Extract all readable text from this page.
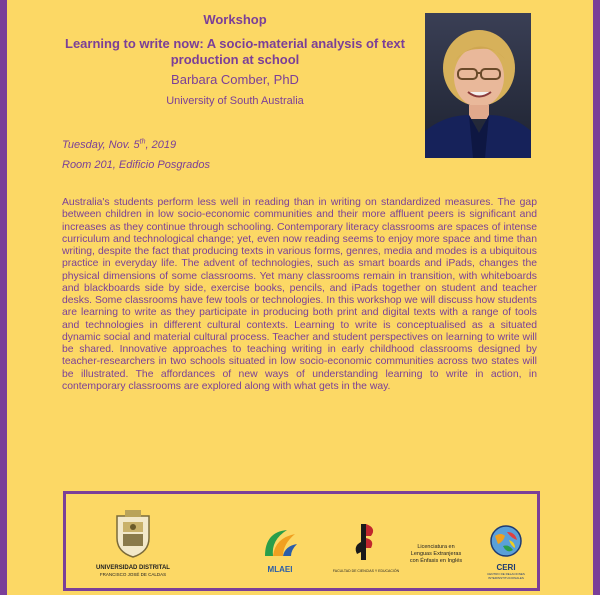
Workshop
Learning to write now: A socio-material analysis of text production at school
Barbara Comber, PhD
University of South Australia
Tuesday, Nov. 5th, 2019
Room 201, Edificio Posgrados

Australia's students perform less well in reading than in writing on standardized measures. The gap between children in low socio-economic communities and their more affluent peers is significant and increases as they continue through schooling. Contemporary literacy classrooms are spaces of intense curriculum and technological change; yet, even now reading seems to enjoy more space and time than writing, despite the fact that producing texts in various forms, genres, media and modes is a ubiquitous practice in everyday life. The advent of technologies, such as smart boards and iPads, changes the physical dimensions of some classrooms. Yet many classrooms remain in transition, with whiteboards and blackboards side by side, exercise books, pencils, and iPads together on student and teacher desks. Some classrooms have few tools or technologies. In this workshop we will discuss how students are learning to write as they participate in producing both print and digital texts with a range of tools and technologies in different cultural contexts. Learning to write is conceptualised as a situated dynamic social and material cultural process. Teacher and student perspectives on learning to write will be shared. Innovative approaches to teaching writing in early childhood classrooms designed by teacher-researchers in two schools situated in low socio-economic communities across two states will be illustrated. The affordances of new ways of understanding learning to write in action, in contemporary classrooms are explored along with what gets in the way.

UNIVERSIDAD DISTRITAL
FRANCISCO JOSÉ DE CALDAS
MLAEI	FACULTAD DE CIENCIAS Y EDUCACIÓN
Licenciatura en
Lenguas Extranjeras
con Énfasis en Inglés
CERI
CENTRO DE RELACIONES INTERINSTITUCIONALES
